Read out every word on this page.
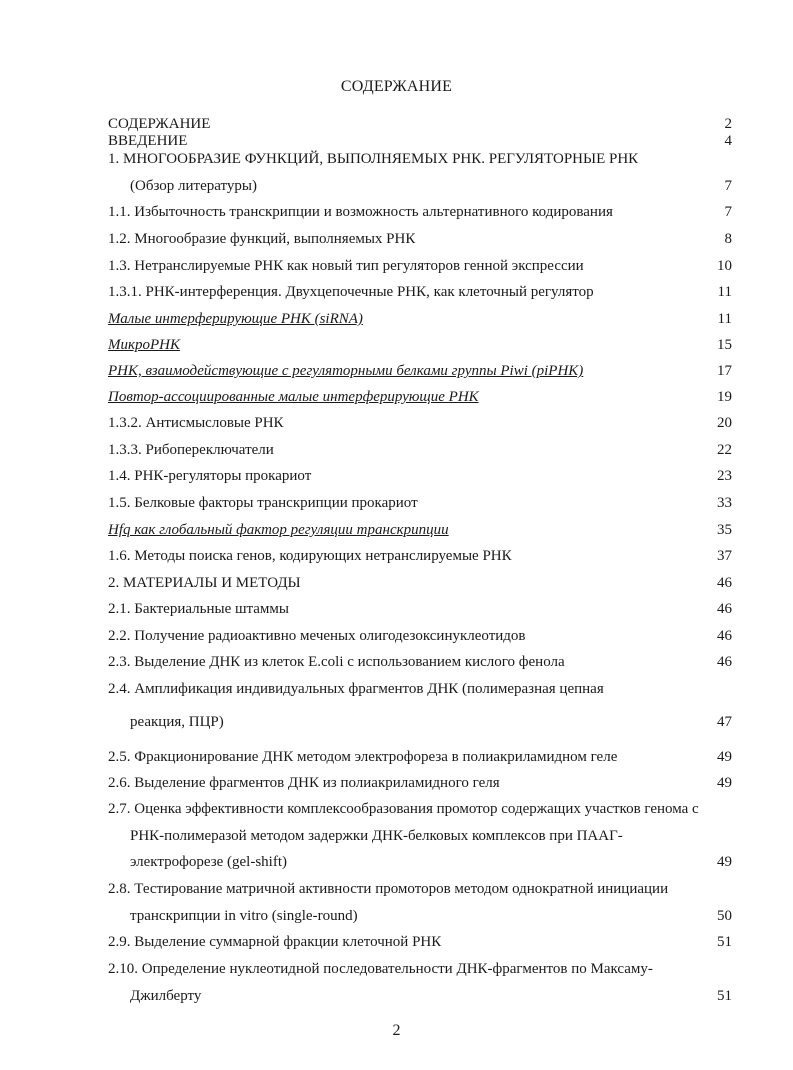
СОДЕРЖАНИЕ
СОДЕРЖАНИЕ	2
ВВЕДЕНИЕ	4
1. МНОГООБРАЗИЕ ФУНКЦИЙ, ВЫПОЛНЯЕМЫХ РНК. РЕГУЛЯТОРНЫЕ РНК
(Обзор литературы)	7
1.1. Избыточность транскрипции и возможность альтернативного кодирования	7
1.2. Многообразие функций, выполняемых РНК	8
1.3. Нетранслируемые РНК как новый тип регуляторов генной экспрессии	10
1.3.1. РНК-интерференция. Двухцепочечные РНК, как клеточный регулятор	11
Малые интерферирующие РНК (siRNA)	11
МикроРНК	15
РНК, взаимодействующие с регуляторными белками группы Piwi (piРНК)	17
Повтор-ассоциированные малые интерферирующие РНК	19
1.3.2. Антисмысловые РНК	20
1.3.3. Рибопереключатели	22
1.4. РНК-регуляторы прокариот	23
1.5. Белковые факторы транскрипции прокариот	33
Hfq как глобальный фактор регуляции транскрипции	35
1.6. Методы поиска генов, кодирующих нетранслируемые РНК	37
2. МАТЕРИАЛЫ И МЕТОДЫ	46
2.1. Бактериальные штаммы	46
2.2. Получение радиоактивно меченых олигодезоксинуклеотидов	46
2.3. Выделение ДНК из клеток E.coli с использованием кислого фенола	46
2.4. Амплификация индивидуальных фрагментов ДНК (полимеразная цепная
реакция, ПЦР)	47
2.5. Фракционирование ДНК методом электрофореза в полиакриламидном геле	49
2.6. Выделение фрагментов ДНК из полиакриламидного геля	49
2.7. Оценка эффективности комплексообразования промотор содержащих участков генома с
РНК-полимеразой методом задержки ДНК-белковых комплексов при ПААГ-
электрофорезе (gel-shift)	49
2.8. Тестирование матричной активности промоторов методом однократной инициации
транскрипции in vitro (single-round)	50
2.9. Выделение суммарной фракции клеточной РНК	51
2.10. Определение нуклеотидной последовательности ДНК-фрагментов по Максаму-
Джилберту	51
2
